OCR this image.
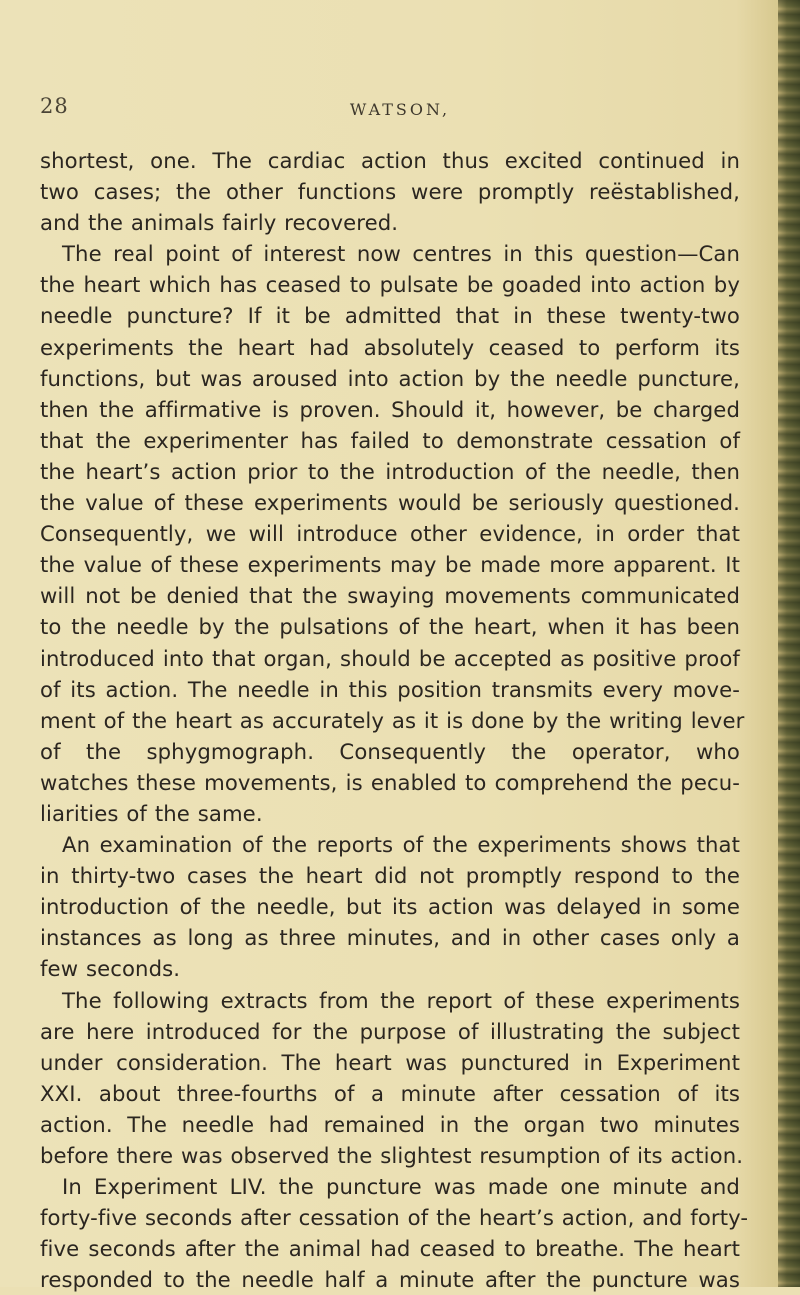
28	WATSON,
shortest, one. The cardiac action thus excited continued in
two cases; the other functions were promptly reëstablished,
and the animals fairly recovered.
The real point of interest now centres in this question—Can
the heart which has ceased to pulsate be goaded into action by
needle puncture? If it be admitted that in these twenty-two
experiments the heart had absolutely ceased to perform its
functions, but was aroused into action by the needle puncture,
then the affirmative is proven. Should it, however, be charged
that the experimenter has failed to demonstrate cessation of
the heart’s action prior to the introduction of the needle, then
the value of these experiments would be seriously questioned.
Consequently, we will introduce other evidence, in order that
the value of these experiments may be made more apparent. It
will not be denied that the swaying movements communicated
to the needle by the pulsations of the heart, when it has been
introduced into that organ, should be accepted as positive proof
of its action. The needle in this position transmits every move-
ment of the heart as accurately as it is done by the writing lever
of the sphygmograph. Consequently the operator, who
watches these movements, is enabled to comprehend the pecu-
liarities of the same.
An examination of the reports of the experiments shows that
in thirty-two cases the heart did not promptly respond to the
introduction of the needle, but its action was delayed in some
instances as long as three minutes, and in other cases only a
few seconds.
The following extracts from the report of these experiments
are here introduced for the purpose of illustrating the subject
under consideration. The heart was punctured in Experiment
XXI. about three-fourths of a minute after cessation of its
action. The needle had remained in the organ two minutes
before there was observed the slightest resumption of its action.
In Experiment LIV. the puncture was made one minute and
forty-five seconds after cessation of the heart’s action, and forty-
five seconds after the animal had ceased to breathe. The heart
responded to the needle half a minute after the puncture was
